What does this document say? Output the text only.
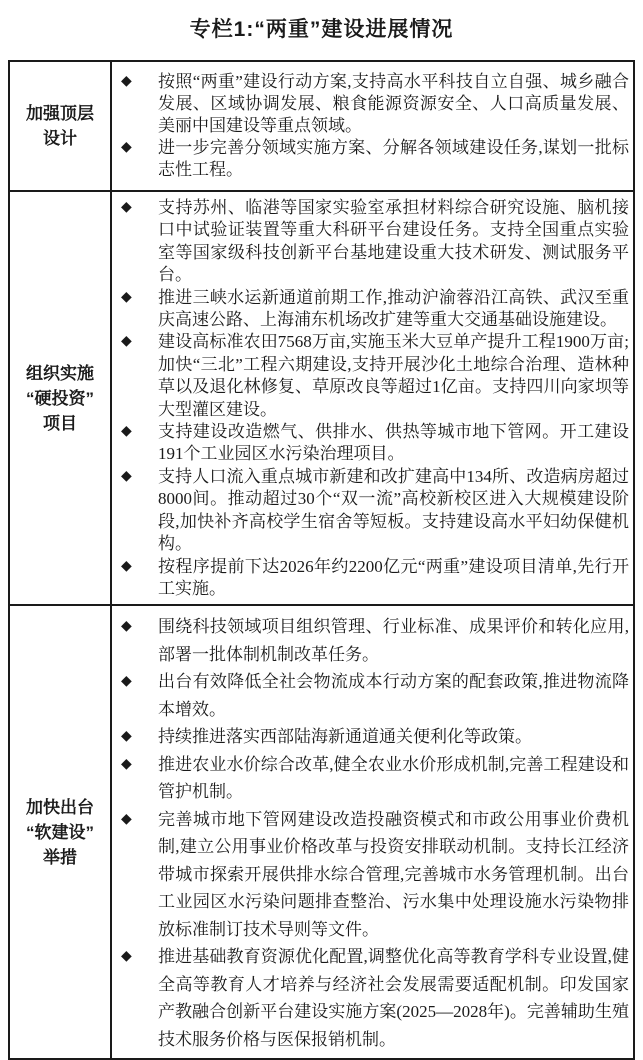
专栏1:“两重”建设进展情况
加强顶层
设计

◆ 按照“两重”建设行动方案,支持高水平科技自立自强、城乡融合发展、区域协调发展、粮食能源资源安全、人口高质量发展、美丽中国建设等重点领域。
◆ 进一步完善分领域实施方案、分解各领域建设任务,谋划一批标志性工程。

组织实施
“硬投资”
项目

◆ 支持苏州、临港等国家实验室承担材料综合研究设施、脑机接口中试验证装置等重大科研平台建设任务。支持全国重点实验室等国家级科技创新平台基地建设重大技术研发、测试服务平台。
◆ 推进三峡水运新通道前期工作,推动沪渝蓉沿江高铁、武汉至重庆高速公路、上海浦东机场改扩建等重大交通基础设施建设。
◆ 建设高标准农田7568万亩,实施玉米大豆单产提升工程1900万亩;加快“三北”工程六期建设,支持开展沙化土地综合治理、造林种草以及退化林修复、草原改良等超过1亿亩。支持四川向家坝等大型灌区建设。
◆ 支持建设改造燃气、供排水、供热等城市地下管网。开工建设191个工业园区水污染治理项目。
◆ 支持人口流入重点城市新建和改扩建高中134所、改造病房超过8000间。推动超过30个“双一流”高校新校区进入大规模建设阶段,加快补齐高校学生宿舍等短板。支持建设高水平妇幼保健机构。
◆ 按程序提前下达2026年约2200亿元“两重”建设项目清单,先行开工实施。

加快出台
“软建设”
举措

◆ 围绕科技领域项目组织管理、行业标准、成果评价和转化应用,部署一批体制机制改革任务。
◆ 出台有效降低全社会物流成本行动方案的配套政策,推进物流降本增效。
◆ 持续推进落实西部陆海新通道通关便利化等政策。
◆ 推进农业水价综合改革,健全农业水价形成机制,完善工程建设和管护机制。
◆ 完善城市地下管网建设改造投融资模式和市政公用事业价费机制,建立公用事业价格改革与投资安排联动机制。支持长江经济带城市探索开展供排水综合管理,完善城市水务管理机制。出台工业园区水污染问题排查整治、污水集中处理设施水污染物排放标准制订技术导则等文件。
◆ 推进基础教育资源优化配置,调整优化高等教育学科专业设置,健全高等教育人才培养与经济社会发展需要适配机制。印发国家产教融合创新平台建设实施方案(2025—2028年)。完善辅助生殖技术服务价格与医保报销机制。
